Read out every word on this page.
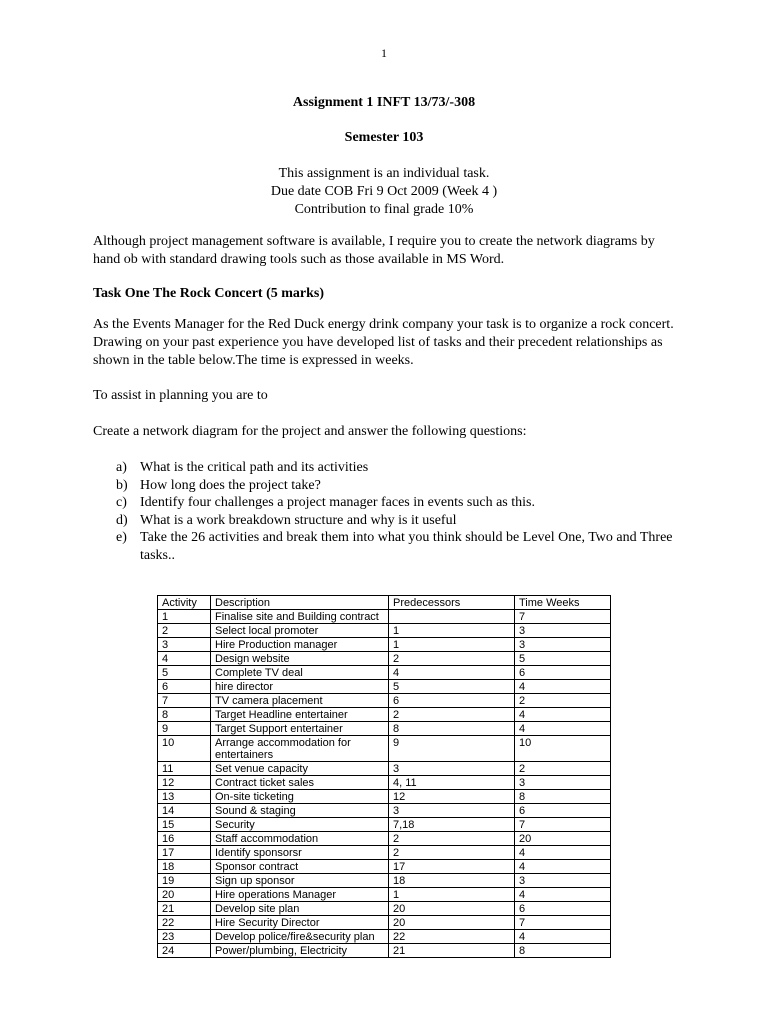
1
Assignment 1 INFT 13/73/-308
Semester 103
This assignment is an individual task.
Due date COB Fri 9 Oct 2009 (Week 4 )
Contribution to final grade 10%
Although project management software is available, I require you to create the network diagrams by hand ob with standard drawing tools such as those available in MS Word.
Task One The Rock Concert (5 marks)
As the Events Manager for the Red Duck energy drink company your task is to organize a rock concert. Drawing on your past experience you have developed list of tasks and their precedent relationships as shown in the table below.The time is expressed in weeks.
To assist in planning you are to
Create a network diagram for the project and answer the following questions:
a) What is the critical path and its activities
b) How long does the project take?
c) Identify four challenges a project manager faces in events such as this.
d) What is a work breakdown structure and why is it useful
e) Take the 26 activities and break them into what you think should be Level One, Two and Three tasks..
Activity	Description	Predecessors	Time Weeks
1	Finalise site and Building contract		7
2	Select local promoter	1	3
3	Hire Production manager	1	3
4	Design website	2	5
5	Complete TV deal	4	6
6	hire director	5	4
7	TV camera placement	6	2
8	Target Headline entertainer	2	4
9	Target Support entertainer	8	4
10	Arrange accommodation for entertainers	9	10
11	Set venue capacity	3	2
12	Contract ticket sales	4, 11	3
13	On-site ticketing	12	8
14	Sound & staging	3	6
15	Security	7,18	7
16	Staff accommodation	2	20
17	Identify sponsorsr	2	4
18	Sponsor contract	17	4
19	Sign up sponsor	18	3
20	Hire operations Manager	1	4
21	Develop site plan	20	6
22	Hire Security Director	20	7
23	Develop police/fire&security plan	22	4
24	Power/plumbing, Electricity	21	8
